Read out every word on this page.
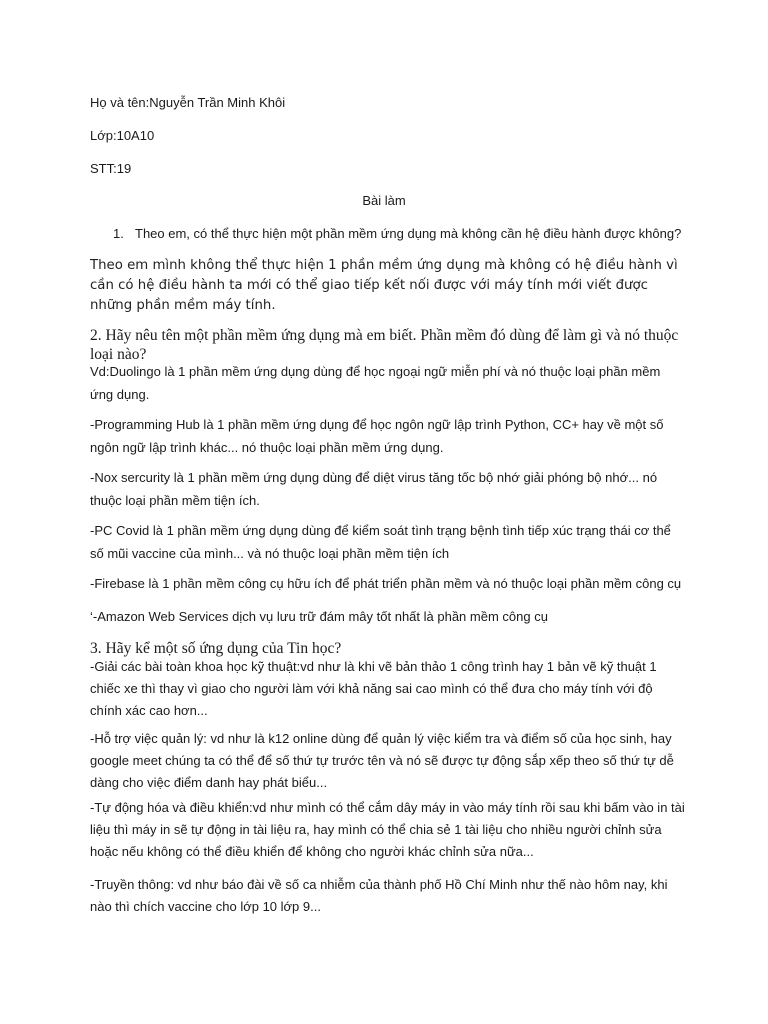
Họ và tên:Nguyễn Trần Minh Khôi
Lớp:10A10
STT:19
Bài làm
1. Theo em, có thể thực hiện một phần mềm ứng dụng mà không cần hệ điều hành được không?
Theo em mình không thể thực hiện 1 phần mềm ứng dụng mà không có hệ điều hành vì cần có hệ điều hành ta mới có thể giao tiếp kết nối được với máy tính mới viết được những phần mềm máy tính.
2. Hãy nêu tên một phần mềm ứng dụng mà em biết. Phần mềm đó dùng để làm gì và nó thuộc loại nào?
Vd:Duolingo là 1 phần mềm ứng dụng dùng để học ngoại ngữ miễn phí và nó thuộc loại phần mềm ứng dụng.
-Programming Hub là 1 phần mềm ứng dụng để học ngôn ngữ lập trình Python, CC+ hay về một số ngôn ngữ lập trình khác... nó thuộc loại phần mềm ứng dụng.
-Nox sercurity là 1 phần mềm ứng dụng dùng để diệt virus tăng tốc bộ nhớ giải phóng bộ nhớ... nó thuộc loại phần mềm tiện ích.
-PC Covid là 1 phần mềm ứng dụng dùng để kiểm soát tình trạng bệnh tình tiếp xúc trạng thái cơ thể số mũi vaccine của mình... và nó thuộc loại phần mềm tiện ích
-Firebase là 1 phần mềm công cụ hữu ích để phát triển phần mềm và nó thuộc loại phần mềm công cụ
‘-Amazon Web Services dịch vụ lưu trữ đám mây tốt nhất là phần mềm công cụ
3. Hãy kể một số ứng dụng của Tin học?
-Giải các bài toàn khoa học kỹ thuật:vd như là khi vẽ bản thảo 1 công trình hay 1 bản vẽ kỹ thuật 1 chiếc xe thì thay vì giao cho người làm với khả năng sai cao mình có thể đưa cho máy tính với độ chính xác cao hơn...
-Hỗ trợ việc quản lý: vd như là k12 online dùng để quản lý việc kiểm tra và điểm số của học sinh, hay google meet chúng ta có thể để số thứ tự trước tên và nó sẽ được tự động sắp xếp theo số thứ tự dễ dàng cho việc điểm danh hay phát biểu...
-Tự động hóa và điều khiển:vd như mình có thể cắm dây máy in vào máy tính rồi sau khi bấm vào in tài liệu thì máy in sẽ tự động in tài liệu ra, hay mình có thể chia sẻ 1 tài liệu cho nhiều người chỉnh sửa hoặc nếu không có thể điều khiển để không cho người khác chỉnh sửa nữa...
-Truyền thông: vd như báo đài về số ca nhiễm của thành phố Hồ Chí Minh như thế nào hôm nay, khi nào thì chích vaccine cho lớp 10 lớp 9...
